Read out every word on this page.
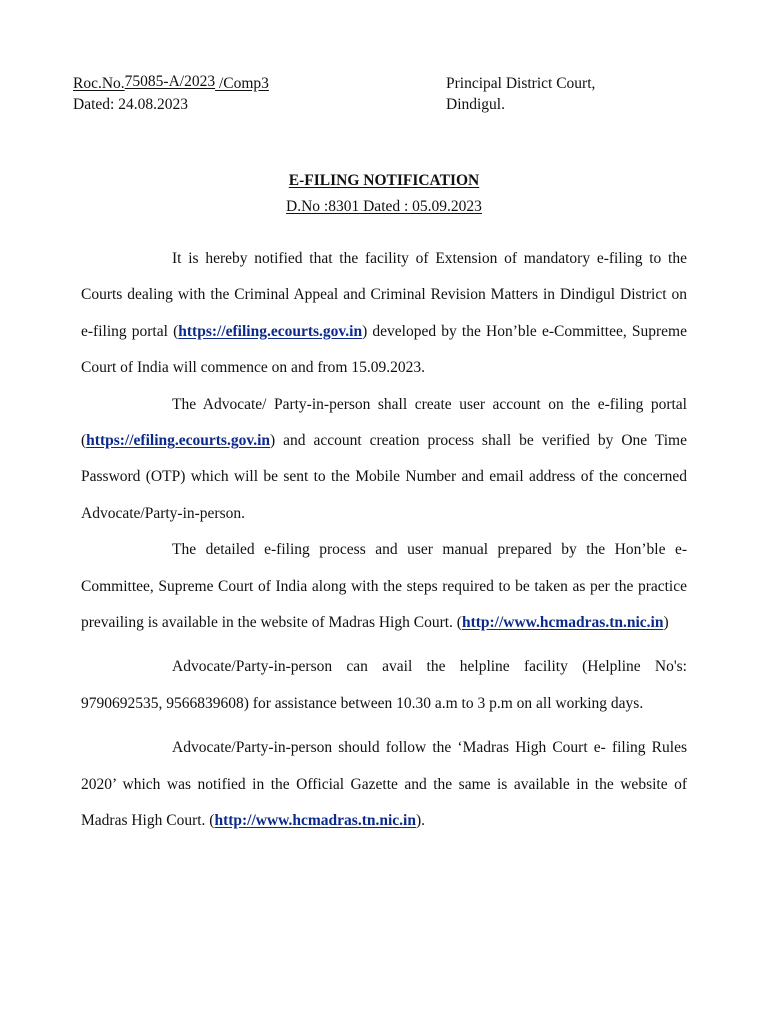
Roc.No.75085-A/2023 /Comp3
Dated: 24.08.2023
Principal District Court,
Dindigul.
E-FILING NOTIFICATION
D.No :8301 Dated : 05.09.2023

It is hereby notified that the facility of Extension of mandatory e-filing to the Courts dealing with the Criminal Appeal and Criminal Revision Matters in Dindigul District on e-filing portal (https://efiling.ecourts.gov.in) developed by the Hon’ble e-Committee, Supreme Court of India will commence on and from 15.09.2023.

The Advocate/ Party-in-person shall create user account on the e-filing portal (https://efiling.ecourts.gov.in) and account creation process shall be verified by One Time Password (OTP) which will be sent to the Mobile Number and email address of the concerned Advocate/Party-in-person.

The detailed e-filing process and user manual prepared by the Hon’ble e-Committee, Supreme Court of India along with the steps required to be taken as per the practice prevailing is available in the website of Madras High Court. (http://www.hcmadras.tn.nic.in)

Advocate/Party-in-person can avail the helpline facility (Helpline No's: 9790692535, 9566839608) for assistance between 10.30 a.m to 3 p.m on all working days.

Advocate/Party-in-person should follow the ‘Madras High Court e- filing Rules 2020’ which was notified in the Official Gazette and the same is available in the website of Madras High Court. (http://www.hcmadras.tn.nic.in).
